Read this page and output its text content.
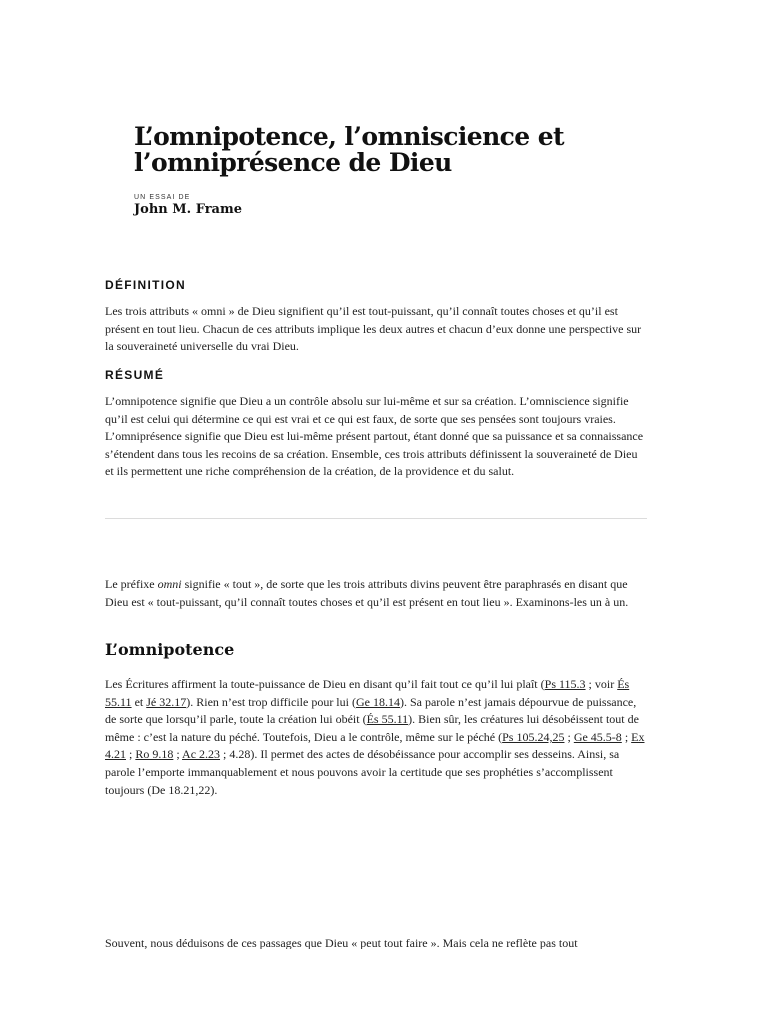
L’omnipotence, l’omniscience et
l’omniprésence de Dieu
UN ESSAI DE
John M. Frame
DÉFINITION
Les trois attributs « omni » de Dieu signifient qu’il est tout-puissant, qu’il connaît toutes choses et qu’il est présent en tout lieu. Chacun de ces attributs implique les deux autres et chacun d’eux donne une perspective sur la souveraineté universelle du vrai Dieu.
RÉSUMÉ
L’omnipotence signifie que Dieu a un contrôle absolu sur lui-même et sur sa création. L’omniscience signifie qu’il est celui qui détermine ce qui est vrai et ce qui est faux, de sorte que ses pensées sont toujours vraies. L’omniprésence signifie que Dieu est lui-même présent partout, étant donné que sa puissance et sa connaissance s’étendent dans tous les recoins de sa création. Ensemble, ces trois attributs définissent la souveraineté de Dieu et ils permettent une riche compréhension de la création, de la providence et du salut.
Le préfixe omni signifie « tout », de sorte que les trois attributs divins peuvent être paraphrasés en disant que Dieu est « tout-puissant, qu’il connaît toutes choses et qu’il est présent en tout lieu ». Examinons-les un à un.
L’omnipotence
Les Écritures affirment la toute-puissance de Dieu en disant qu’il fait tout ce qu’il lui plaît (Ps 115.3 ; voir És 55.11 et Jé 32.17). Rien n’est trop difficile pour lui (Ge 18.14). Sa parole n’est jamais dépourvue de puissance, de sorte que lorsqu’il parle, toute la création lui obéit (És 55.11). Bien sûr, les créatures lui désobéissent tout de même : c’est la nature du péché. Toutefois, Dieu a le contrôle, même sur le péché (Ps 105.24,25 ; Ge 45.5-8 ; Ex 4.21 ; Ro 9.18 ; Ac 2.23 ; 4.28). Il permet des actes de désobéissance pour accomplir ses desseins. Ainsi, sa parole l’emporte immanquablement et nous pouvons avoir la certitude que ses prophéties s’accomplissent toujours (De 18.21,22).
Souvent, nous déduisons de ces passages que Dieu « peut tout faire ». Mais cela ne reflète pas tout
